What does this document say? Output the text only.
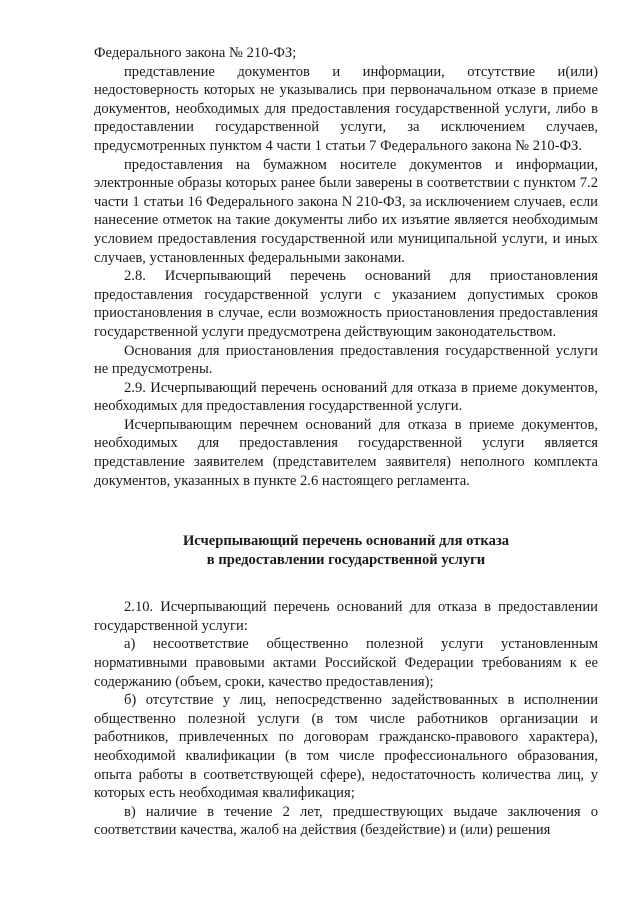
Федерального закона № 210-ФЗ;

представление документов и информации, отсутствие и(или) недостоверность которых не указывались при первоначальном отказе в приеме документов, необходимых для предоставления государственной услуги, либо в предоставлении государственной услуги, за исключением случаев, предусмотренных пунктом 4 части 1 статьи 7 Федерального закона № 210-ФЗ.

предоставления на бумажном носителе документов и информации, электронные образы которых ранее были заверены в соответствии с пунктом 7.2 части 1 статьи 16 Федерального закона N 210-ФЗ, за исключением случаев, если нанесение отметок на такие документы либо их изъятие является необходимым условием предоставления государственной или муниципальной услуги, и иных случаев, установленных федеральными законами.

2.8. Исчерпывающий перечень оснований для приостановления предоставления государственной услуги с указанием допустимых сроков приостановления в случае, если возможность приостановления предоставления государственной услуги предусмотрена действующим законодательством.

Основания для приостановления предоставления государственной услуги не предусмотрены.

2.9. Исчерпывающий перечень оснований для отказа в приеме документов, необходимых для предоставления государственной услуги.

Исчерпывающим перечнем оснований для отказа в приеме документов, необходимых для предоставления государственной услуги является представление заявителем (представителем заявителя) неполного комплекта документов, указанных в пункте 2.6 настоящего регламента.

Исчерпывающий перечень оснований для отказа
в предоставлении государственной услуги

2.10. Исчерпывающий перечень оснований для отказа в предоставлении государственной услуги:

а) несоответствие общественно полезной услуги установленным нормативными правовыми актами Российской Федерации требованиям к ее содержанию (объем, сроки, качество предоставления);

б) отсутствие у лиц, непосредственно задействованных в исполнении общественно полезной услуги (в том числе работников организации и работников, привлеченных по договорам гражданско-правового характера), необходимой квалификации (в том числе профессионального образования, опыта работы в соответствующей сфере), недостаточность количества лиц, у которых есть необходимая квалификация;

в) наличие в течение 2 лет, предшествующих выдаче заключения о соответствии качества, жалоб на действия (бездействие) и (или) решения
